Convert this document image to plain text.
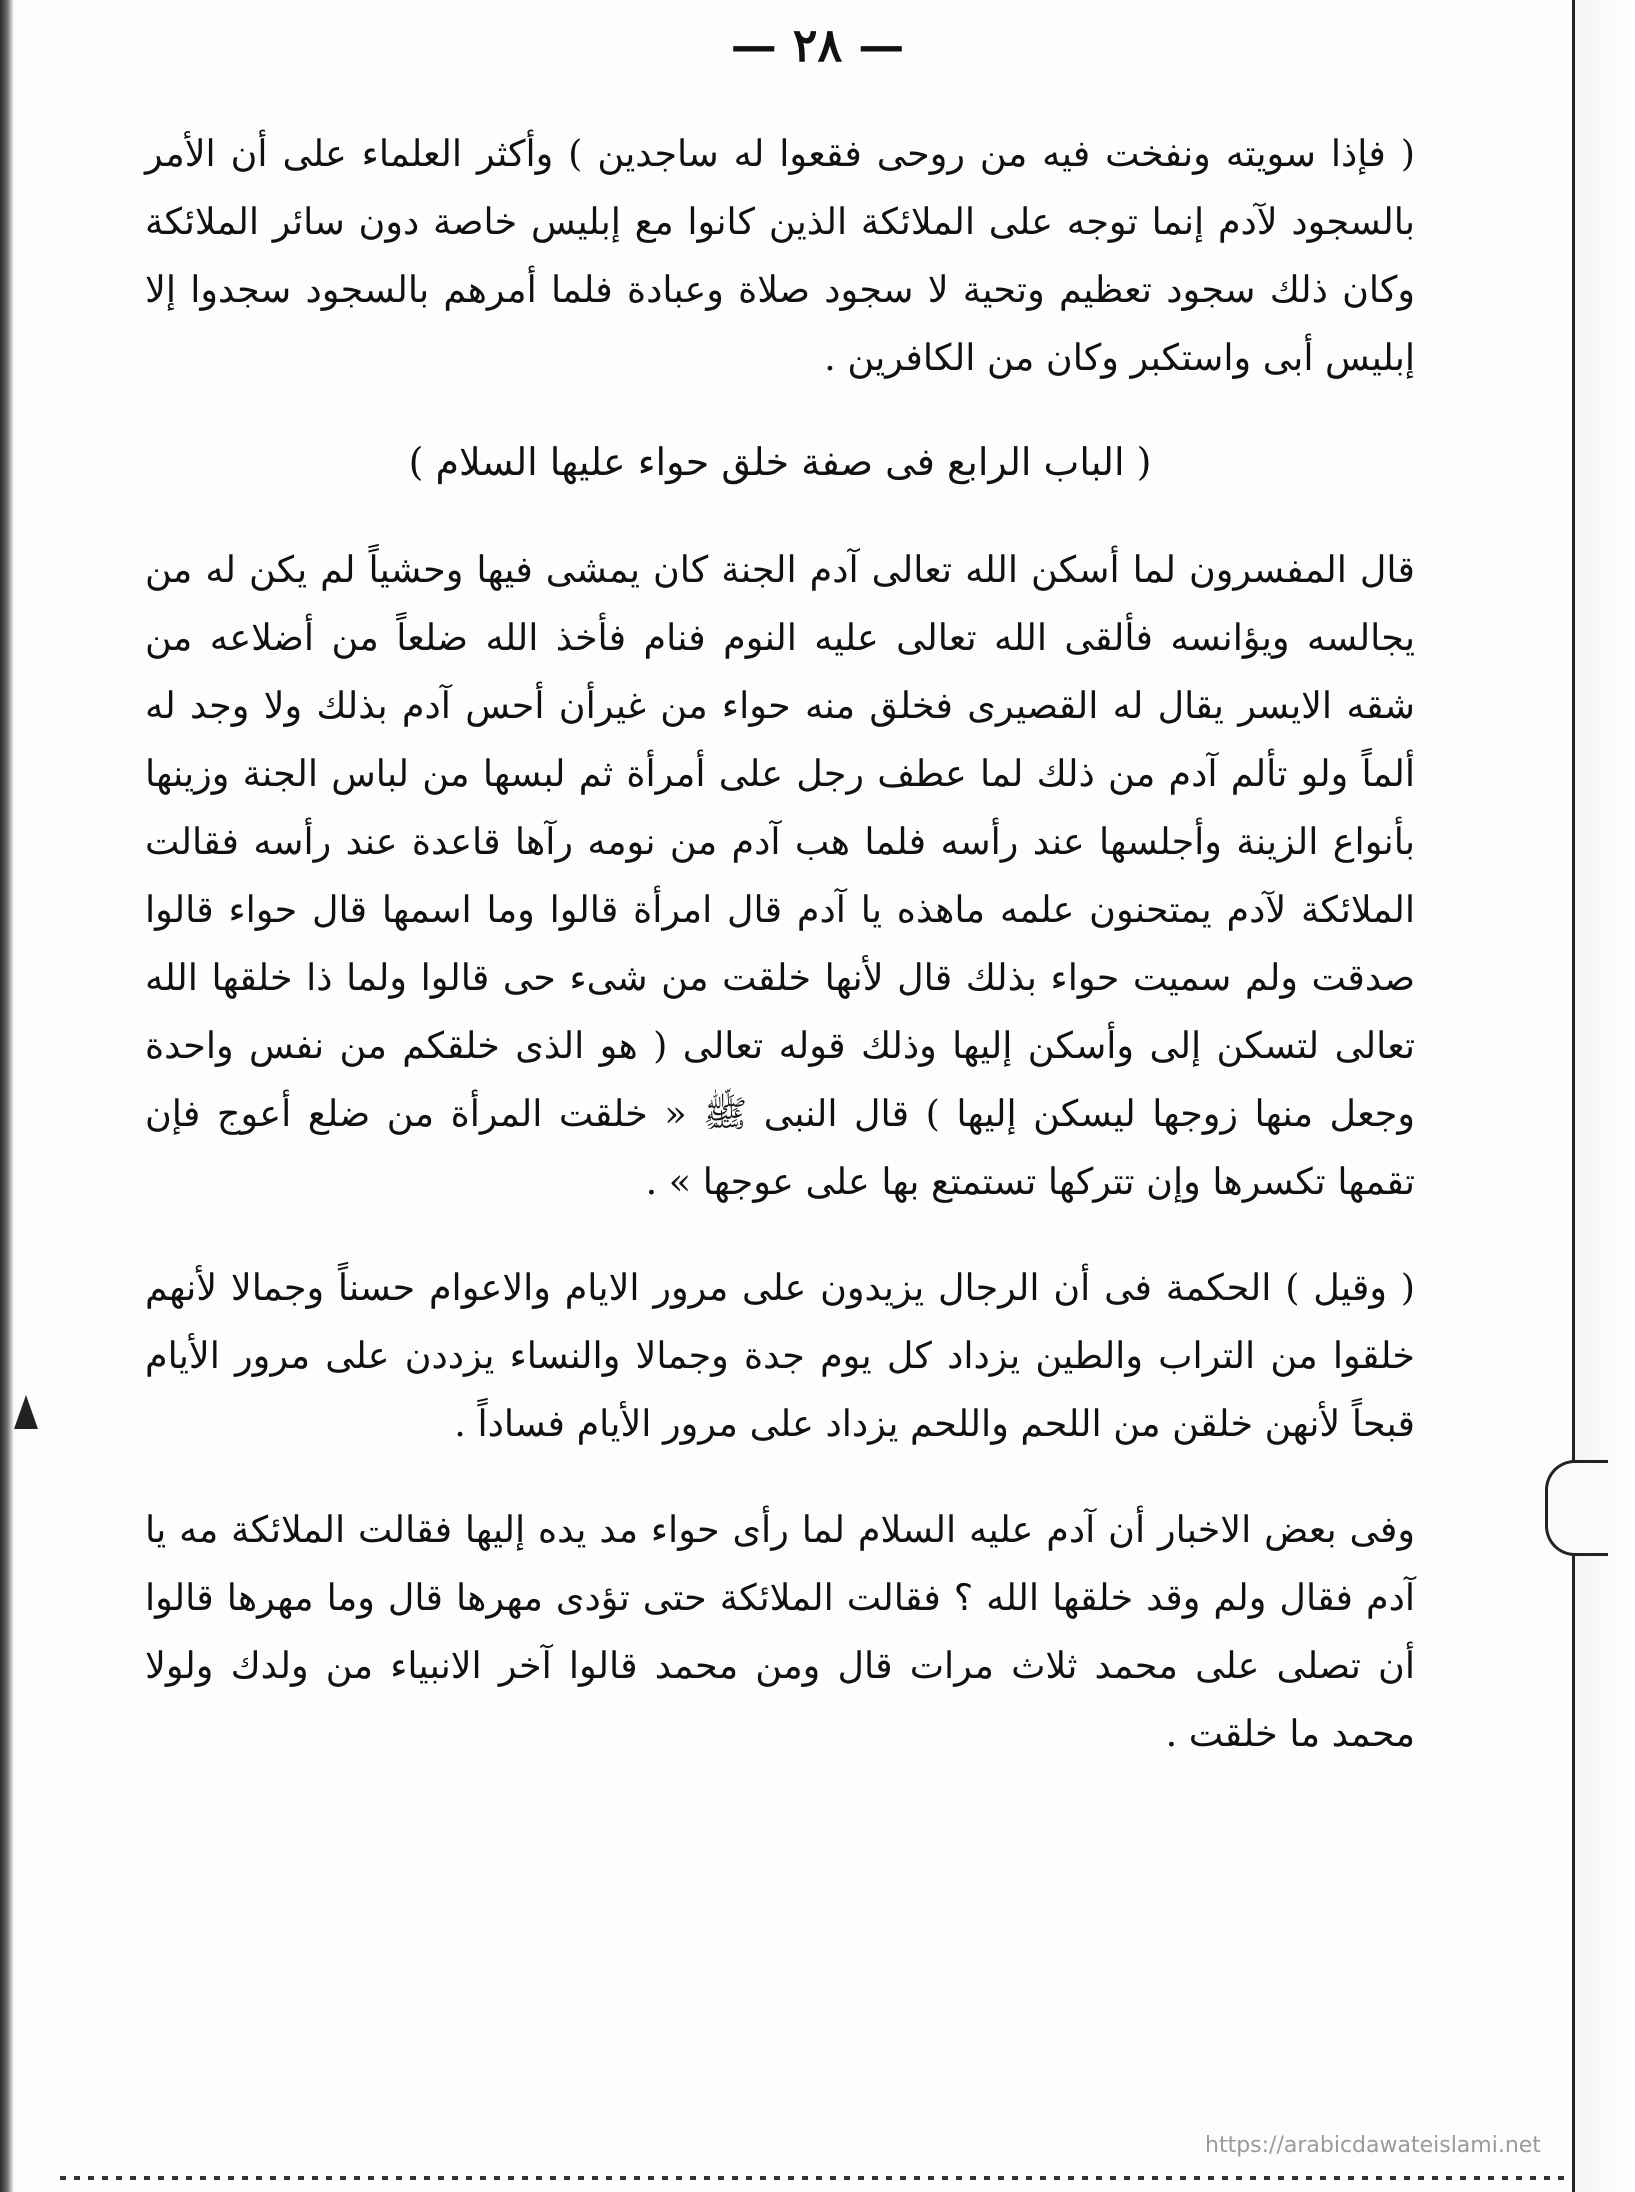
— ٢٨ —

( فإذا سويته ونفخت فيه من روحى فقعوا له ساجدين ) وأكثر العلماء على أن الأمر بالسجود لآدم إنما توجه على الملائكة الذين كانوا مع إبليس خاصة دون سائر الملائكة وكان ذلك سجود تعظيم وتحية لا سجود صلاة وعبادة فلما أمرهم بالسجود سجدوا إلا إبليس أبى واستكبر وكان من الكافرين .

( الباب الرابع فى صفة خلق حواء عليها السلام )

قال المفسرون لما أسكن الله تعالى آدم الجنة كان يمشى فيها وحشياً لم يكن له من يجالسه ويؤانسه فألقى الله تعالى عليه النوم فنام فأخذ الله ضلعاً من أضلاعه من شقه الايسر يقال له القصيرى فخلق منه حواء من غيرأن أحس آدم بذلك ولا وجد له ألماً ولو تألم آدم من ذلك لما عطف رجل على أمرأة ثم لبسها من لباس الجنة وزينها بأنواع الزينة وأجلسها عند رأسه فلما هب آدم من نومه رآها قاعدة عند رأسه فقالت الملائكة لآدم يمتحنون علمه ماهذه يا آدم قال امرأة قالوا وما اسمها قال حواء قالوا صدقت ولم سميت حواء بذلك قال لأنها خلقت من شىء حى قالوا ولما ذا خلقها الله تعالى لتسكن إلى وأسكن إليها وذلك قوله تعالى ( هو الذى خلقكم من نفس واحدة وجعل منها زوجها ليسكن إليها ) قال النبى ﷺ « خلقت المرأة من ضلع أعوج فإن تقمها تكسرها وإن تتركها تستمتع بها على عوجها » .

( وقيل ) الحكمة فى أن الرجال يزيدون على مرور الايام والاعوام حسناً وجمالا لأنهم خلقوا من التراب والطين يزداد كل يوم جدة وجمالا والنساء يزددن على مرور الأيام قبحاً لأنهن خلقن من اللحم واللحم يزداد على مرور الأيام فساداً .

وفى بعض الاخبار أن آدم عليه السلام لما رأى حواء مد يده إليها فقالت الملائكة مه يا آدم فقال ولم وقد خلقها الله ؟ فقالت الملائكة حتى تؤدى مهرها قال وما مهرها قالوا أن تصلى على محمد ثلاث مرات قال ومن محمد قالوا آخر الانبياء من ولدك ولولا محمد ما خلقت .

https://arabicdawateislami.net
